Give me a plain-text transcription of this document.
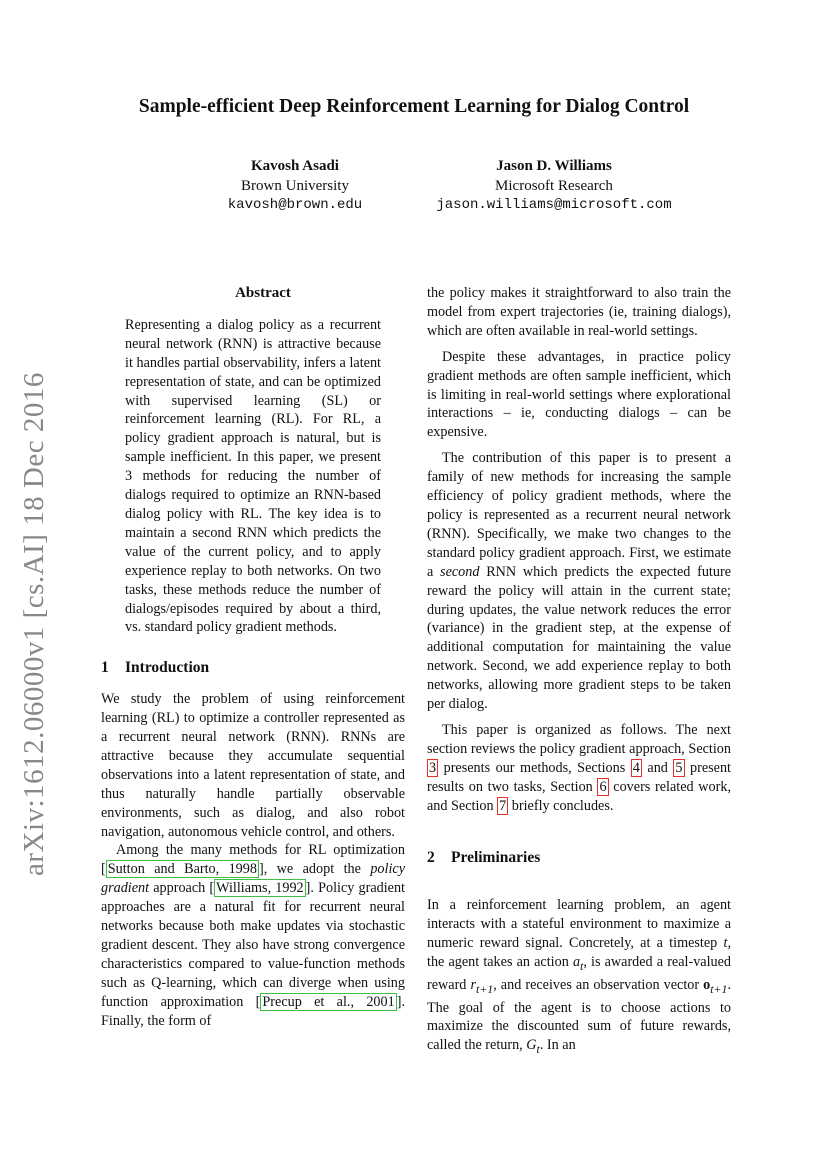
Sample-efficient Deep Reinforcement Learning for Dialog Control
Kavosh Asadi
Brown University
kavosh@brown.edu
Jason D. Williams
Microsoft Research
jason.williams@microsoft.com
arXiv:1612.06000v1 [cs.AI] 18 Dec 2016
Abstract

Representing a dialog policy as a recurrent neural network (RNN) is attractive because it handles partial observability, infers a latent representation of state, and can be optimized with supervised learning (SL) or reinforcement learning (RL). For RL, a policy gradient approach is natural, but is sample inefficient. In this paper, we present 3 methods for reducing the number of dialogs required to optimize an RNN-based dialog policy with RL. The key idea is to maintain a second RNN which predicts the value of the current policy, and to apply experience replay to both networks. On two tasks, these methods reduce the number of dialogs/episodes required by about a third, vs. standard policy gradient methods.

1 Introduction

We study the problem of using reinforcement learning (RL) to optimize a controller represented as a recurrent neural network (RNN). RNNs are attractive because they accumulate sequential observations into a latent representation of state, and thus naturally handle partially observable environments, such as dialog, and also robot navigation, autonomous vehicle control, and others.

Among the many methods for RL optimization [ Sutton and Barto, 1998 ], we adopt the policy gradient approach [ Williams, 1992 ]. Policy gradient approaches are a natural fit for recurrent neural networks because both make updates via stochastic gradient descent. They also have strong convergence characteristics compared to value-function methods such as Q-learning, which can diverge when using function approximation [ Precup et al., 2001 ]. Finally, the form of

the policy makes it straightforward to also train the model from expert trajectories (ie, training dialogs), which are often available in real-world settings.

Despite these advantages, in practice policy gradient methods are often sample inefficient, which is limiting in real-world settings where explorational interactions – ie, conducting dialogs – can be expensive.

The contribution of this paper is to present a family of new methods for increasing the sample efficiency of policy gradient methods, where the policy is represented as a recurrent neural network (RNN). Specifically, we make two changes to the standard policy gradient approach. First, we estimate a second RNN which predicts the expected future reward the policy will attain in the current state; during updates, the value network reduces the error (variance) in the gradient step, at the expense of additional computation for maintaining the value network. Second, we add experience replay to both networks, allowing more gradient steps to be taken per dialog.

This paper is organized as follows. The next section reviews the policy gradient approach, Section 3 presents our methods, Sections 4 and 5 present results on two tasks, Section 6 covers related work, and Section 7 briefly concludes.

2 Preliminaries

In a reinforcement learning problem, an agent interacts with a stateful environment to maximize a numeric reward signal. Concretely, at a timestep t, the agent takes an action $a_t$, is awarded a real-valued reward $r_{t+1}$, and receives an observation vector $o_{t+1}$. The goal of the agent is to choose actions to maximize the discounted sum of future rewards, called the return, $G_t$. In an
